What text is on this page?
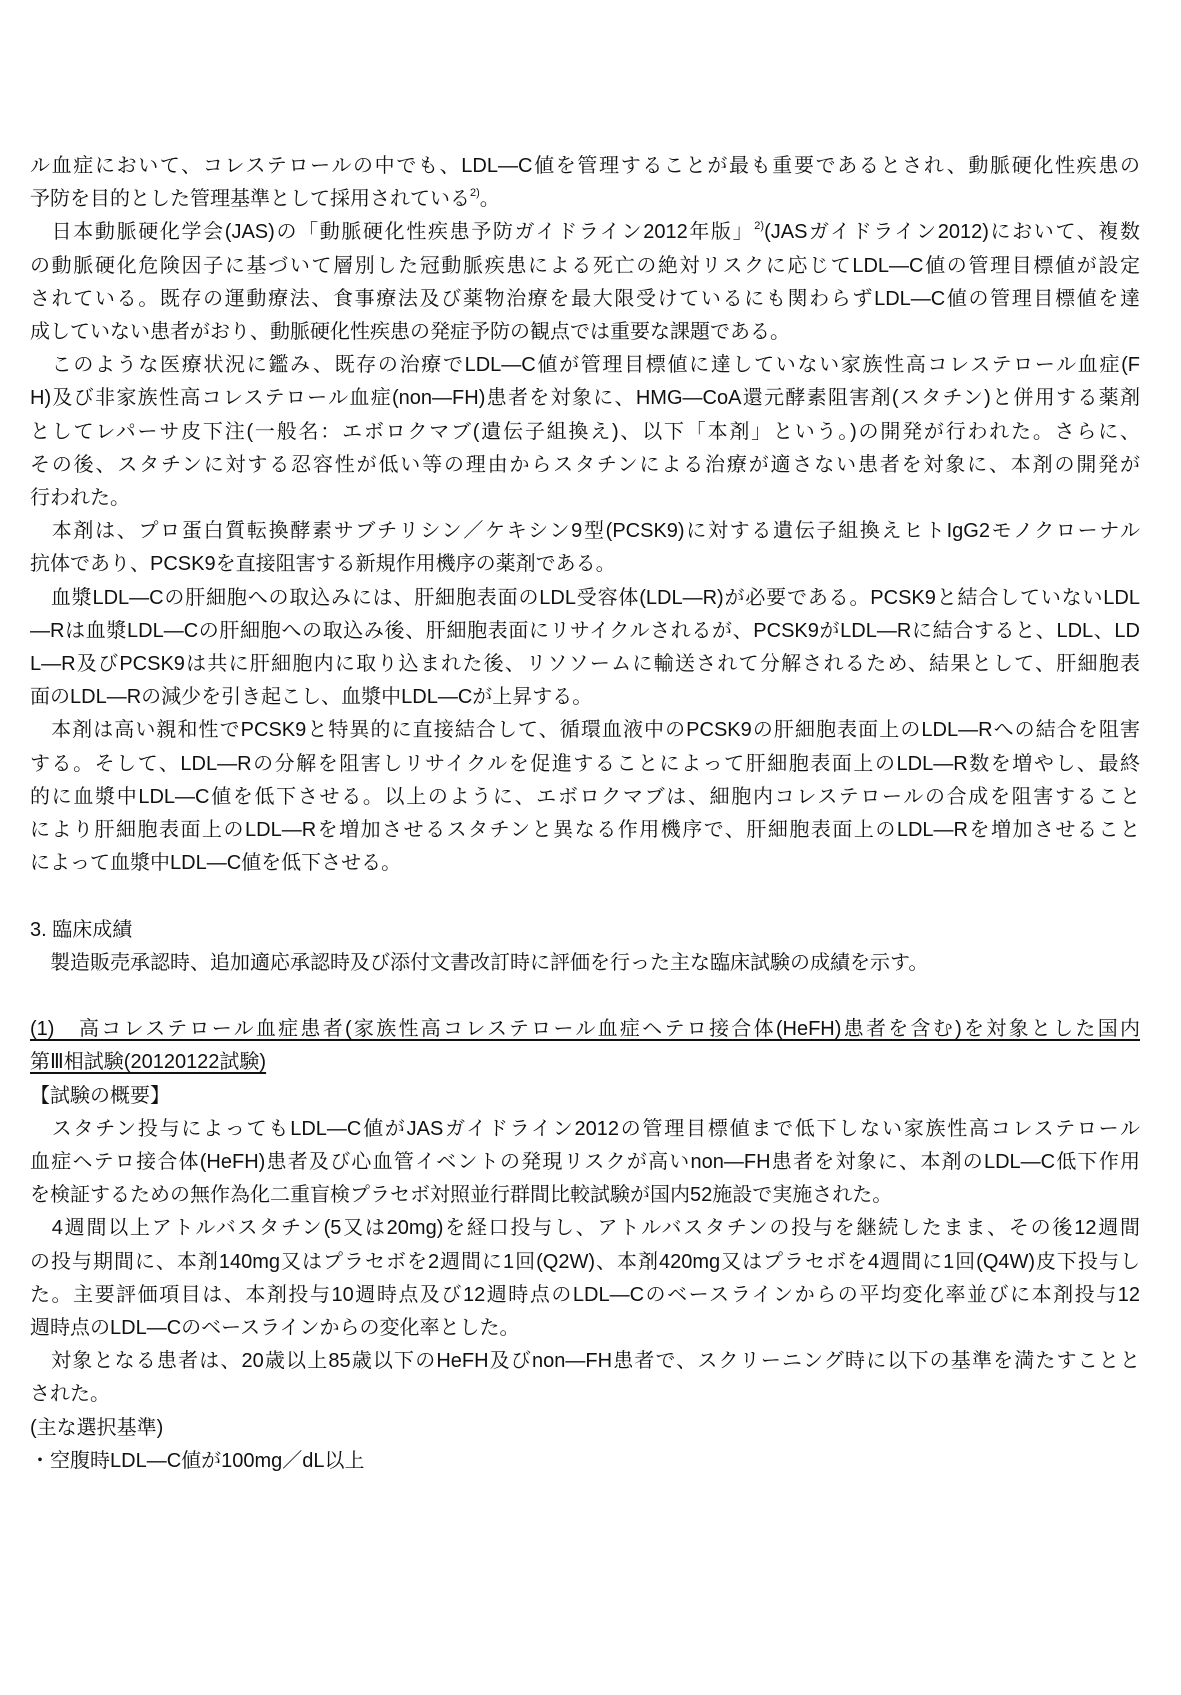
ル血症において、コレステロールの中でも、LDL―C値を管理することが最も重要であるとされ、動脈硬化性疾患の
予防を目的とした管理基準として採用されている$^{2)}$。
　日本動脈硬化学会(JAS)の「動脈硬化性疾患予防ガイドライン2012年版」$^{2)}$(JASガイドライン2012)において、複数
の動脈硬化危険因子に基づいて層別した冠動脈疾患による死亡の絶対リスクに応じてLDL―C値の管理目標値が設定
されている。既存の運動療法、食事療法及び薬物治療を最大限受けているにも関わらずLDL―C値の管理目標値を達
成していない患者がおり、動脈硬化性疾患の発症予防の観点では重要な課題である。
　このような医療状況に鑑み、既存の治療でLDL―C値が管理目標値に達していない家族性高コレステロール血症(F
H)及び非家族性高コレステロール血症(non―FH)患者を対象に、HMG―CoA還元酵素阻害剤(スタチン)と併用する薬剤
としてレパーサ皮下注(一般名：エボロクマブ(遺伝子組換え)、以下「本剤」という。)の開発が行われた。さらに、
その後、スタチンに対する忍容性が低い等の理由からスタチンによる治療が適さない患者を対象に、本剤の開発が
行われた。
　本剤は、プロ蛋白質転換酵素サブチリシン／ケキシン9型(PCSK9)に対する遺伝子組換えヒトIgG2モノクローナル
抗体であり、PCSK9を直接阻害する新規作用機序の薬剤である。
　血漿LDL―Cの肝細胞への取込みには、肝細胞表面のLDL受容体(LDL―R)が必要である。PCSK9と結合していないLDL
―Rは血漿LDL―Cの肝細胞への取込み後、肝細胞表面にリサイクルされるが、PCSK9がLDL―Rに結合すると、LDL、LD
L―R及びPCSK9は共に肝細胞内に取り込まれた後、リソソームに輸送されて分解されるため、結果として、肝細胞表
面のLDL―Rの減少を引き起こし、血漿中LDL―Cが上昇する。
　本剤は高い親和性でPCSK9と特異的に直接結合して、循環血液中のPCSK9の肝細胞表面上のLDL―Rへの結合を阻害
する。そして、LDL―Rの分解を阻害しリサイクルを促進することによって肝細胞表面上のLDL―R数を増やし、最終
的に血漿中LDL―C値を低下させる。以上のように、エボロクマブは、細胞内コレステロールの合成を阻害すること
により肝細胞表面上のLDL―Rを増加させるスタチンと異なる作用機序で、肝細胞表面上のLDL―Rを増加させること
によって血漿中LDL―C値を低下させる。
3. 臨床成績
　製造販売承認時、追加適応承認時及び添付文書改訂時に評価を行った主な臨床試験の成績を示す。
(1)　高コレステロール血症患者(家族性高コレステロール血症ヘテロ接合体(HeFH)患者を含む)を対象とした国内
第Ⅲ相試験(20120122試験)
【試験の概要】
　スタチン投与によってもLDL―C値がJASガイドライン2012の管理目標値まで低下しない家族性高コレステロール
血症ヘテロ接合体(HeFH)患者及び心血管イベントの発現リスクが高いnon―FH患者を対象に、本剤のLDL―C低下作用
を検証するための無作為化二重盲検プラセボ対照並行群間比較試験が国内52施設で実施された。
　4週間以上アトルバスタチン(5又は20mg)を経口投与し、アトルバスタチンの投与を継続したまま、その後12週間
の投与期間に、本剤140mg又はプラセボを2週間に1回(Q2W)、本剤420mg又はプラセボを4週間に1回(Q4W)皮下投与し
た。主要評価項目は、本剤投与10週時点及び12週時点のLDL―Cのベースラインからの平均変化率並びに本剤投与12
週時点のLDL―Cのベースラインからの変化率とした。
　対象となる患者は、20歳以上85歳以下のHeFH及びnon―FH患者で、スクリーニング時に以下の基準を満たすことと
された。
(主な選択基準)
・空腹時LDL―C値が100mg／dL以上
